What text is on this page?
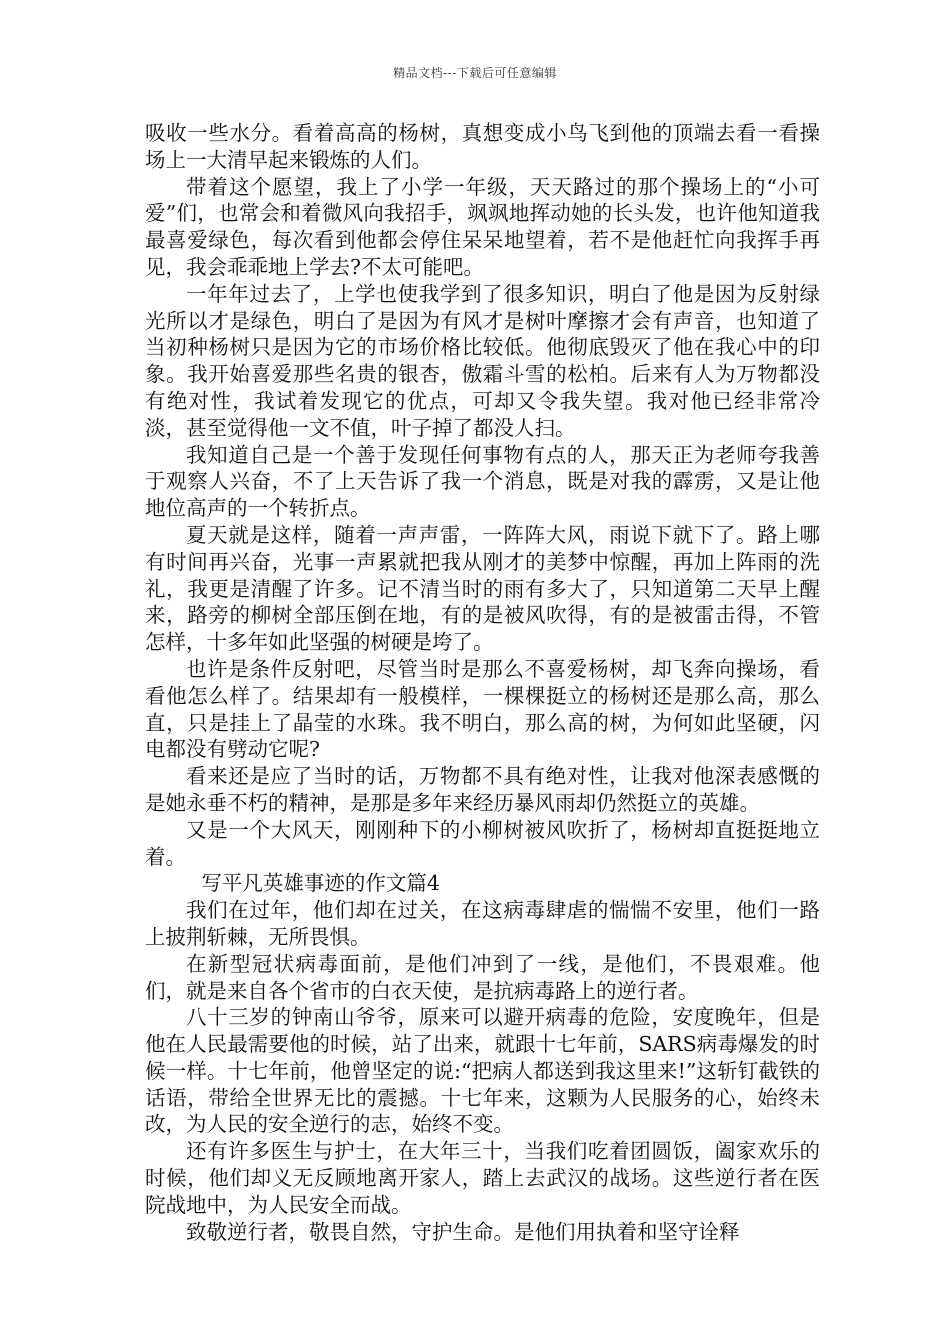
精品文档---下载后可任意编辑

吸收一些水分。看着高高的杨树，真想变成小鸟飞到他的顶端去看一看操场上一大清早起来锻炼的人们。

带着这个愿望，我上了小学一年级，天天路过的那个操场上的“小可爱”们，也常会和着微风向我招手，飒飒地挥动她的长头发，也许他知道我最喜爱绿色，每次看到他都会停住呆呆地望着，若不是他赶忙向我挥手再见，我会乖乖地上学去?不太可能吧。

一年年过去了，上学也使我学到了很多知识，明白了他是因为反射绿光所以才是绿色，明白了是因为有风才是树叶摩擦才会有声音，也知道了当初种杨树只是因为它的市场价格比较低。他彻底毁灭了他在我心中的印象。我开始喜爱那些名贵的银杏，傲霜斗雪的松柏。后来有人为万物都没有绝对性，我试着发现它的优点，可却又令我失望。我对他已经非常冷淡，甚至觉得他一文不值，叶子掉了都没人扫。

我知道自己是一个善于发现任何事物有点的人，那天正为老师夸我善于观察人兴奋，不了上天告诉了我一个消息，既是对我的霹雳，又是让他地位高声的一个转折点。

夏天就是这样，随着一声声雷，一阵阵大风，雨说下就下了。路上哪有时间再兴奋，光事一声累就把我从刚才的美梦中惊醒，再加上阵雨的洗礼，我更是清醒了许多。记不清当时的雨有多大了，只知道第二天早上醒来，路旁的柳树全部压倒在地，有的是被风吹得，有的是被雷击得，不管怎样，十多年如此坚强的树硬是垮了。

也许是条件反射吧，尽管当时是那么不喜爱杨树，却飞奔向操场，看看他怎么样了。结果却有一般模样，一棵棵挺立的杨树还是那么高，那么直，只是挂上了晶莹的水珠。我不明白，那么高的树，为何如此坚硬，闪电都没有劈动它呢?

看来还是应了当时的话，万物都不具有绝对性，让我对他深表感慨的是她永垂不朽的精神，是那是多年来经历暴风雨却仍然挺立的英雄。

又是一个大风天，刚刚种下的小柳树被风吹折了，杨树却直挺挺地立着。

写平凡英雄事迹的作文篇4

我们在过年，他们却在过关，在这病毒肆虐的惴惴不安里，他们一路上披荆斩棘，无所畏惧。

在新型冠状病毒面前，是他们冲到了一线，是他们，不畏艰难。他们，就是来自各个省市的白衣天使，是抗病毒路上的逆行者。

八十三岁的钟南山爷爷，原来可以避开病毒的危险，安度晚年，但是他在人民最需要他的时候，站了出来，就跟十七年前，SARS病毒爆发的时候一样。十七年前，他曾坚定的说:“把病人都送到我这里来!”这斩钉截铁的话语，带给全世界无比的震撼。十七年来，这颗为人民服务的心，始终未改，为人民的安全逆行的志，始终不变。

还有许多医生与护士，在大年三十，当我们吃着团圆饭，阖家欢乐的时候，他们却义无反顾地离开家人，踏上去武汉的战场。这些逆行者在医院战地中，为人民安全而战。

致敬逆行者，敬畏自然，守护生命。是他们用执着和坚守诠释
